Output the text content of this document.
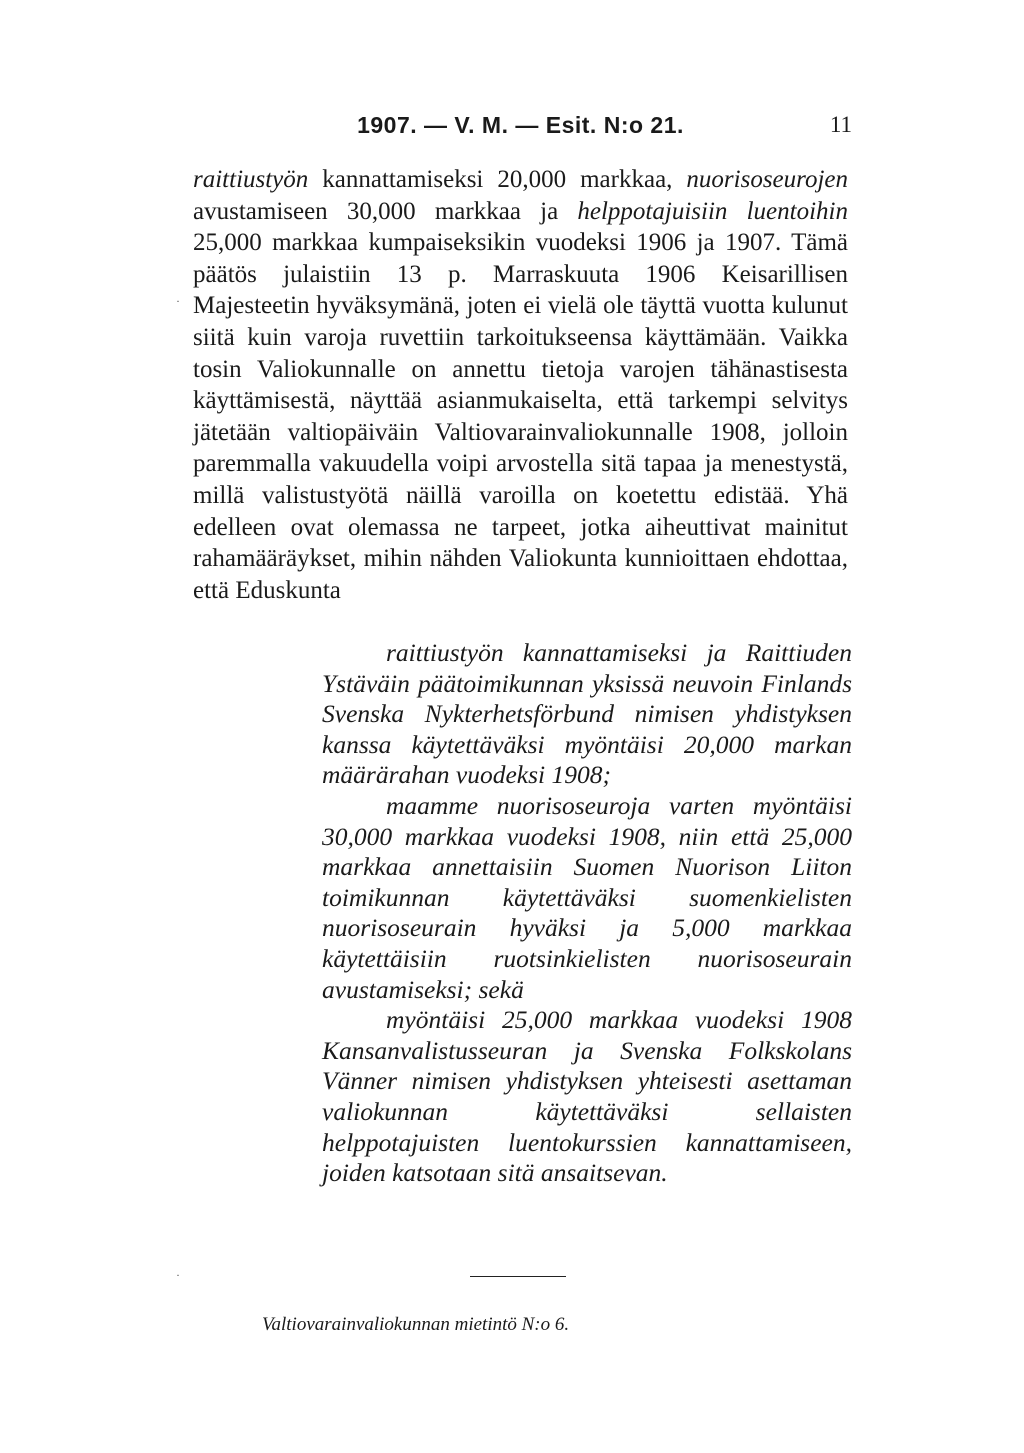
1907. — V. M. — Esit. N:o 21.	11

raittiustyön kannattamiseksi 20,000 markkaa, nuorisoseurojen avustamiseen 30,000 markkaa ja helppotajuisiin luentoihin 25,000 markkaa kumpaiseksikin vuodeksi 1906 ja 1907. Tämä päätös julaistiin 13 p. Marraskuuta 1906 Keisarillisen Majesteetin hyväksymänä, joten ei vielä ole täyttä vuotta kulunut siitä kuin varoja ruvettiin tarkoitukseensa käyttämään. Vaikka tosin Valiokunnalle on annettu tietoja varojen tähänastisesta käyttämisestä, näyttää asianmukaiselta, että tarkempi selvitys jätetään valtiopäiväin Valtiovarainvaliokunnalle 1908, jolloin paremmalla vakuudella voipi arvostella sitä tapaa ja menestystä, millä valistustyötä näillä varoilla on koetettu edistää. Yhä edelleen ovat olemassa ne tarpeet, jotka aiheuttivat mainitut rahamääräykset, mihin nähden Valiokunta kunnioittaen ehdottaa, että Eduskunta

raittiustyön kannattamiseksi ja Raittiuden Ystäväin päätoimikunnan yksissä neuvoin Finlands Svenska Nykterhetsförbund nimisen yhdistyksen kanssa käytettäväksi myöntäisi 20,000 markan määrärahan vuodeksi 1908;

maamme nuorisoseuroja varten myöntäisi 30,000 markkaa vuodeksi 1908, niin että 25,000 markkaa annettaisiin Suomen Nuorison Liiton toimikunnan käytettäväksi suomenkielisten nuorisoseurain hyväksi ja 5,000 markkaa käytettäisiin ruotsinkielisten nuorisoseurain avustamiseksi; sekä

myöntäisi 25,000 markkaa vuodeksi 1908 Kansanvalistusseuran ja Svenska Folkskolans Vänner nimisen yhdistyksen yhteisesti asettaman valiokunnan käytettäväksi sellaisten helppotajuisten luentokurssien kannattamiseen, joiden katsotaan sitä ansaitsevan.

·
·
Valtiovarainvaliokunnan mietintö N:o 6.
